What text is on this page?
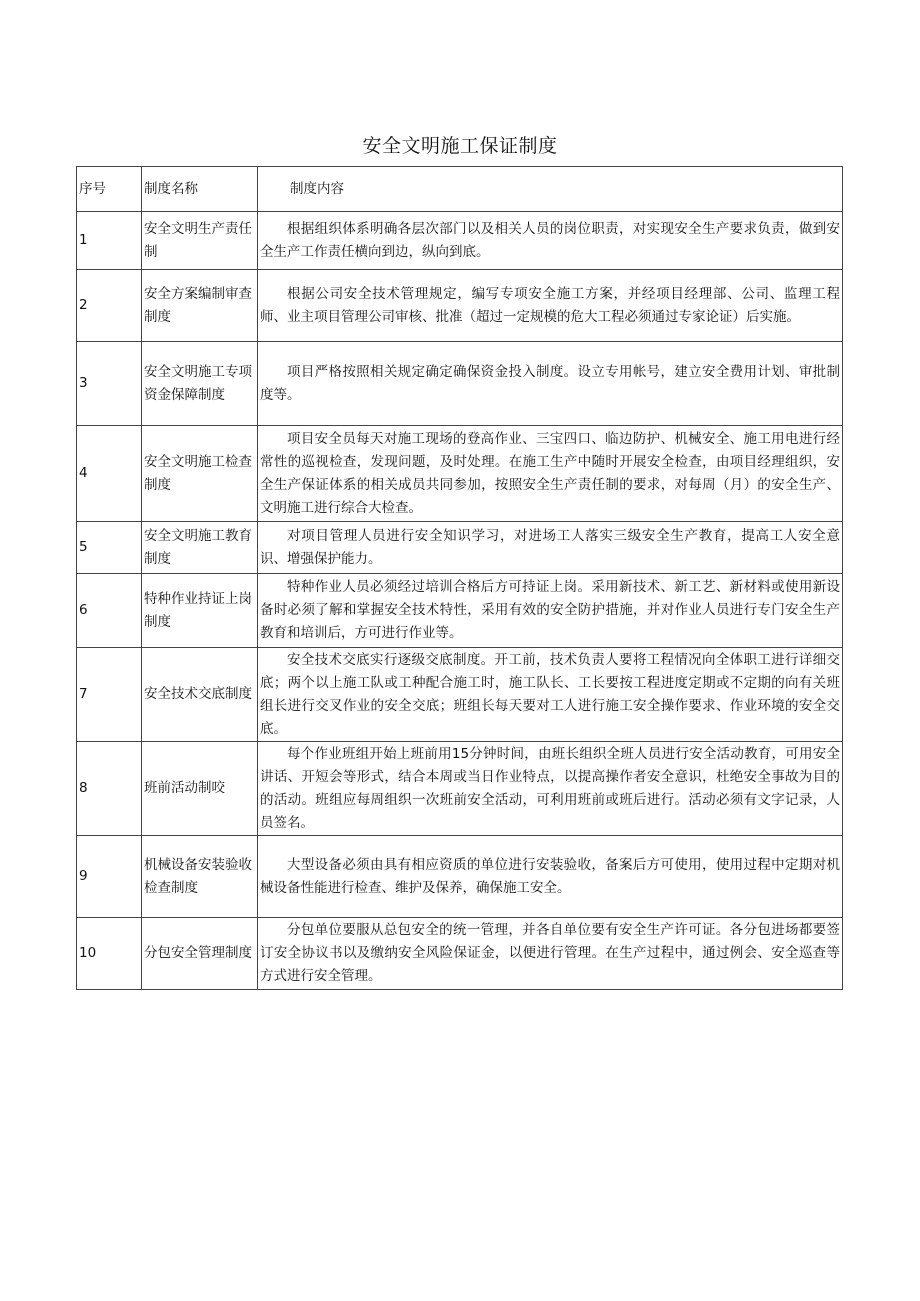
安全文明施工保证制度
序号	制度名称	制度内容
1	安全文明生产责任制	根据组织体系明确各层次部门以及相关人员的岗位职责，对实现安全生产要求负责，做到安全生产工作责任横向到边，纵向到底。
2	安全方案编制审查制度	根据公司安全技术管理规定，编写专项安全施工方案，并经项目经理部、公司、监理工程师、业主项目管理公司审核、批准（超过一定规模的危大工程必须通过专家论证）后实施。
3	安全文明施工专项资金保障制度	项目严格按照相关规定确定确保资金投入制度。设立专用帐号，建立安全费用计划、审批制度等。
4	安全文明施工检查制度	项目安全员每天对施工现场的登高作业、三宝四口、临边防护、机械安全、施工用电进行经常性的巡视检查，发现问题，及时处理。在施工生产中随时开展安全检查，由项目经理组织，安全生产保证体系的相关成员共同参加，按照安全生产责任制的要求，对每周（月）的安全生产、文明施工进行综合大检查。
5	安全文明施工教育制度	对项目管理人员进行安全知识学习，对进场工人落实三级安全生产教育，提高工人安全意识、增强保护能力。
6	特种作业持证上岗制度	特种作业人员必须经过培训合格后方可持证上岗。采用新技术、新工艺、新材料或使用新设备时必须了解和掌握安全技术特性，采用有效的安全防护措施，并对作业人员进行专门安全生产教育和培训后，方可进行作业等。
7	安全技术交底制度	安全技术交底实行逐级交底制度。开工前，技术负责人要将工程情况向全体职工进行详细交底；两个以上施工队或工种配合施工时，施工队长、工长要按工程进度定期或不定期的向有关班组长进行交叉作业的安全交底；班组长每天要对工人进行施工安全操作要求、作业环境的安全交底。
8	班前活动制咬	每个作业班组开始上班前用15分钟时间，由班长组织全班人员进行安全活动教育，可用安全讲话、开短会等形式，结合本周或当日作业特点，以提高操作者安全意识，杜绝安全事故为目的的活动。班组应每周组织一次班前安全活动，可利用班前或班后进行。活动必须有文字记录，人员签名。
9	机械设备安装验收检查制度	大型设备必须由具有相应资质的单位进行安装验收，备案后方可使用，使用过程中定期对机械设备性能进行检查、维护及保养，确保施工安全。
10	分包安全管理制度	分包单位要服从总包安全的统一管理，并各自单位要有安全生产许可证。各分包进场都要签订安全协议书以及缴纳安全风险保证金，以便进行管理。在生产过程中，通过例会、安全巡查等方式进行安全管理。
